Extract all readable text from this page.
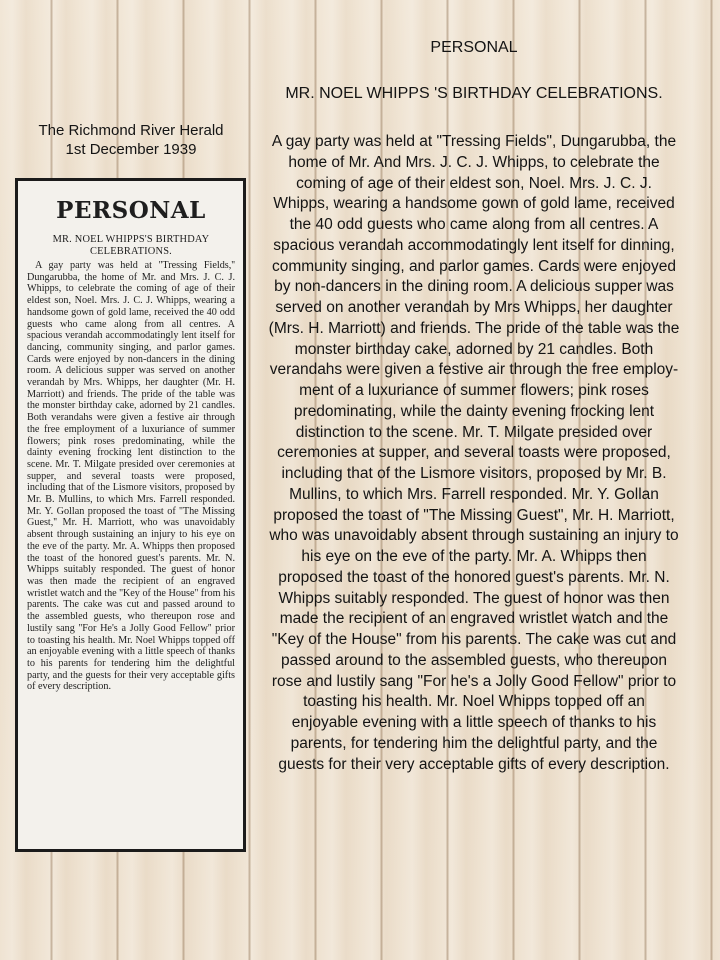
The Richmond River Herald
1st December 1939
PERSONAL
MR. NOEL WHIPPS'S BIRTHDAY CELEBRATIONS.
A gay party was held at ''Tressing Fields,'' Dungarubba, the home of Mr. and Mrs. J. C. J. Whipps, to celebrate the coming of age of their eldest son, Noel. Mrs. J. C. J. Whipps, wearing a handsome gown of gold lame, received the 40 odd guests who came along from all centres. A spacious verandah accommodatingly lent itself for dancing, community singing, and parlor games. Cards were enjoyed by non-dancers in the dining room. A delicious supper was served on another verandah by Mrs. Whipps, her daughter (Mr. H. Marriott) and friends. The pride of the table was the monster birthday cake, adorned by 21 candles. Both verandahs were given a festive air through the free employment of a luxuriance of summer flowers; pink roses predominating, while the dainty evening frocking lent distinction to the scene. Mr. T. Milgate presided over ceremonies at supper, and several toasts were proposed, including that of the Lismore visitors, proposed by Mr. B. Mullins, to which Mrs. Farrell responded. Mr. Y. Gollan proposed the toast of ''The Missing Guest,'' Mr. H. Marriott, who was unavoidably absent through sustaining an injury to his eye on the eve of the party. Mr. A. Whipps then proposed the toast of the honored guest's parents. Mr. N. Whipps suitably responded. The guest of honor was then made the recipient of an engraved wristlet watch and the ''Key of the House'' from his parents. The cake was cut and passed around to the assembled guests, who thereupon rose and lustily sang ''For He's a Jolly Good Fellow'' prior to toasting his health. Mr. Noel Whipps topped off an enjoyable evening with a little speech of thanks to his parents for tendering him the delightful party, and the guests for their very acceptable gifts of every description.
PERSONAL
MR. NOEL WHIPPS 'S BIRTHDAY CELEBRATIONS.

A gay party was held at "Tressing Fields", Dungarubba, the home of Mr. And Mrs. J. C. J. Whipps, to celebrate the coming of age of their eldest son, Noel. Mrs. J. C. J. Whipps, wearing a handsome gown of gold lame, received the 40 odd guests who came along from all centres. A spacious verandah accommodatingly lent itself for dinning, community singing, and parlor games. Cards were enjoyed by non-dancers in the dining room. A delicious supper was served on another verandah by Mrs Whipps, her daughter (Mrs. H. Marriott) and friends. The pride of the table was the monster birthday cake, adorned by 21 candles. Both verandahs were given a festive air through the free employ- ment of a luxuriance of summer flowers; pink roses predominating, while the dainty evening frocking lent distinction to the scene. Mr. T. Milgate presided over ceremonies at supper, and several toasts were proposed, including that of the Lismore visitors, proposed by Mr. B. Mullins, to which Mrs. Farrell responded. Mr. Y. Gollan proposed the toast of "The Missing Guest", Mr. H. Marriott, who was unavoidably absent through sustaining an injury to his eye on the eve of the party. Mr. A. Whipps then proposed the toast of the honored guest's parents. Mr. N. Whipps suitably responded. The guest of honor was then made the recipient of an engraved wristlet watch and the "Key of the House" from his parents. The cake was cut and passed around to the assembled guests, who thereupon rose and lustily sang "For he's a Jolly Good Fellow" prior to toasting his health. Mr. Noel Whipps topped off an enjoyable evening with a little speech of thanks to his parents, for tendering him the delightful party, and the guests for their very acceptable gifts of every description.
